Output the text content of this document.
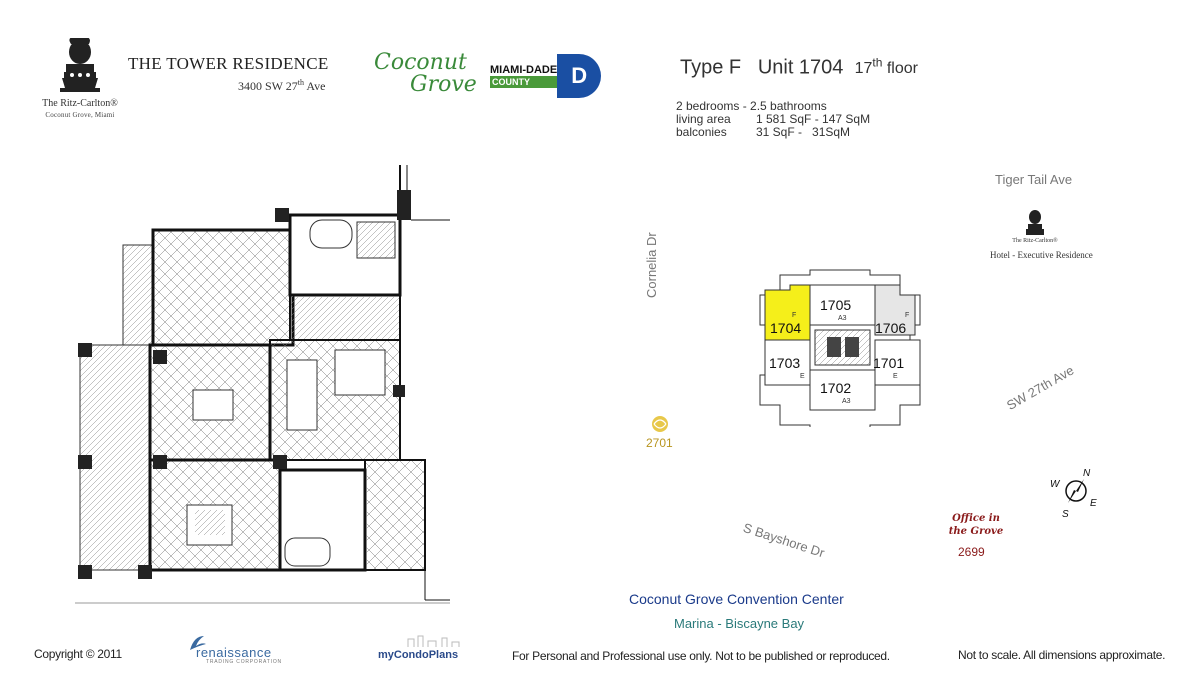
The Ritz-Carlton®
Coconut Grove, Miami
THE TOWER RESIDENCE
3400 SW 27th Ave
Coconut
Grove
MIAMI-DADE
COUNTY	D	Type F Unit 1704 17th floor
2 bedrooms - 2.5 bathrooms
living area	1 581 SqF - 147 SqM
balconies	31 SqF -   31SqM
Tiger Tail Ave
Cornelia Dr
SW 27th Ave
S Bayshore Dr
The Ritz-Carlton®
Hotel - Executive Residence
1705
A3
F
1704
F
1706
1703
E
1701
E
1702
A3
2701
N
E
S
W
Office in
the Grove
2699
Coconut Grove Convention Center
Marina - Biscayne Bay
Copyright © 2011	renaissance
TRADING CORPORATION
myCondoPlans	For Personal and Professional use only. Not to be published or reproduced.	Not to scale. All dimensions approximate.
